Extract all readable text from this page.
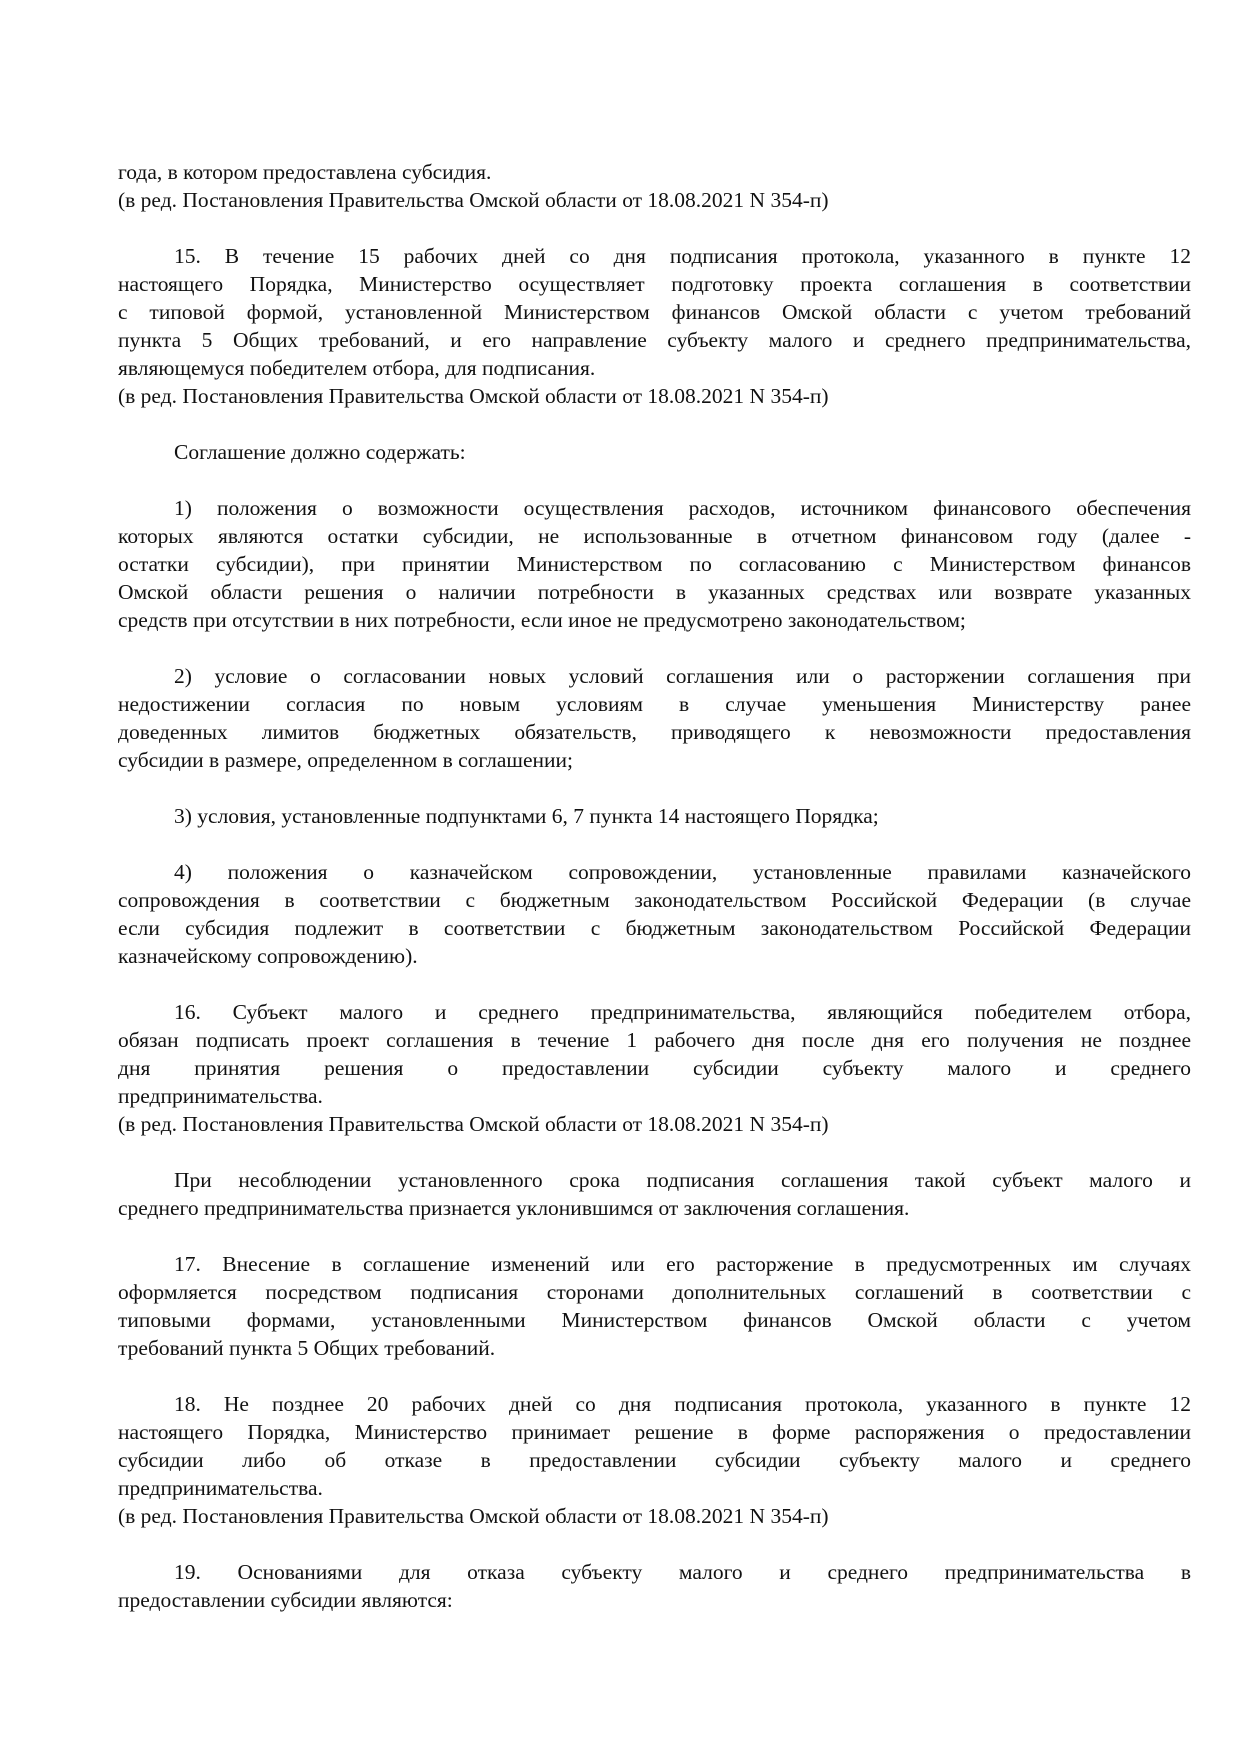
года, в котором предоставлена субсидия.
(в ред. Постановления Правительства Омской области от 18.08.2021 N 354-п)
15. В течение 15 рабочих дней со дня подписания протокола, указанного в пункте 12
настоящего Порядка, Министерство осуществляет подготовку проекта соглашения в соответствии
с типовой формой, установленной Министерством финансов Омской области с учетом требований
пункта 5 Общих требований, и его направление субъекту малого и среднего предпринимательства,
являющемуся победителем отбора, для подписания.
(в ред. Постановления Правительства Омской области от 18.08.2021 N 354-п)
Соглашение должно содержать:
1) положения о возможности осуществления расходов, источником финансового обеспечения
которых являются остатки субсидии, не использованные в отчетном финансовом году (далее -
остатки субсидии), при принятии Министерством по согласованию с Министерством финансов
Омской области решения о наличии потребности в указанных средствах или возврате указанных
средств при отсутствии в них потребности, если иное не предусмотрено законодательством;
2) условие о согласовании новых условий соглашения или о расторжении соглашения при
недостижении согласия по новым условиям в случае уменьшения Министерству ранее
доведенных лимитов бюджетных обязательств, приводящего к невозможности предоставления
субсидии в размере, определенном в соглашении;
3) условия, установленные подпунктами 6, 7 пункта 14 настоящего Порядка;
4) положения о казначейском сопровождении, установленные правилами казначейского
сопровождения в соответствии с бюджетным законодательством Российской Федерации (в случае
если субсидия подлежит в соответствии с бюджетным законодательством Российской Федерации
казначейскому сопровождению).
16. Субъект малого и среднего предпринимательства, являющийся победителем отбора,
обязан подписать проект соглашения в течение 1 рабочего дня после дня его получения не позднее
дня принятия решения о предоставлении субсидии субъекту малого и среднего
предпринимательства.
(в ред. Постановления Правительства Омской области от 18.08.2021 N 354-п)
При несоблюдении установленного срока подписания соглашения такой субъект малого и
среднего предпринимательства признается уклонившимся от заключения соглашения.
17. Внесение в соглашение изменений или его расторжение в предусмотренных им случаях
оформляется посредством подписания сторонами дополнительных соглашений в соответствии с
типовыми формами, установленными Министерством финансов Омской области с учетом
требований пункта 5 Общих требований.
18. Не позднее 20 рабочих дней со дня подписания протокола, указанного в пункте 12
настоящего Порядка, Министерство принимает решение в форме распоряжения о предоставлении
субсидии либо об отказе в предоставлении субсидии субъекту малого и среднего
предпринимательства.
(в ред. Постановления Правительства Омской области от 18.08.2021 N 354-п)
19. Основаниями для отказа субъекту малого и среднего предпринимательства в
предоставлении субсидии являются:
